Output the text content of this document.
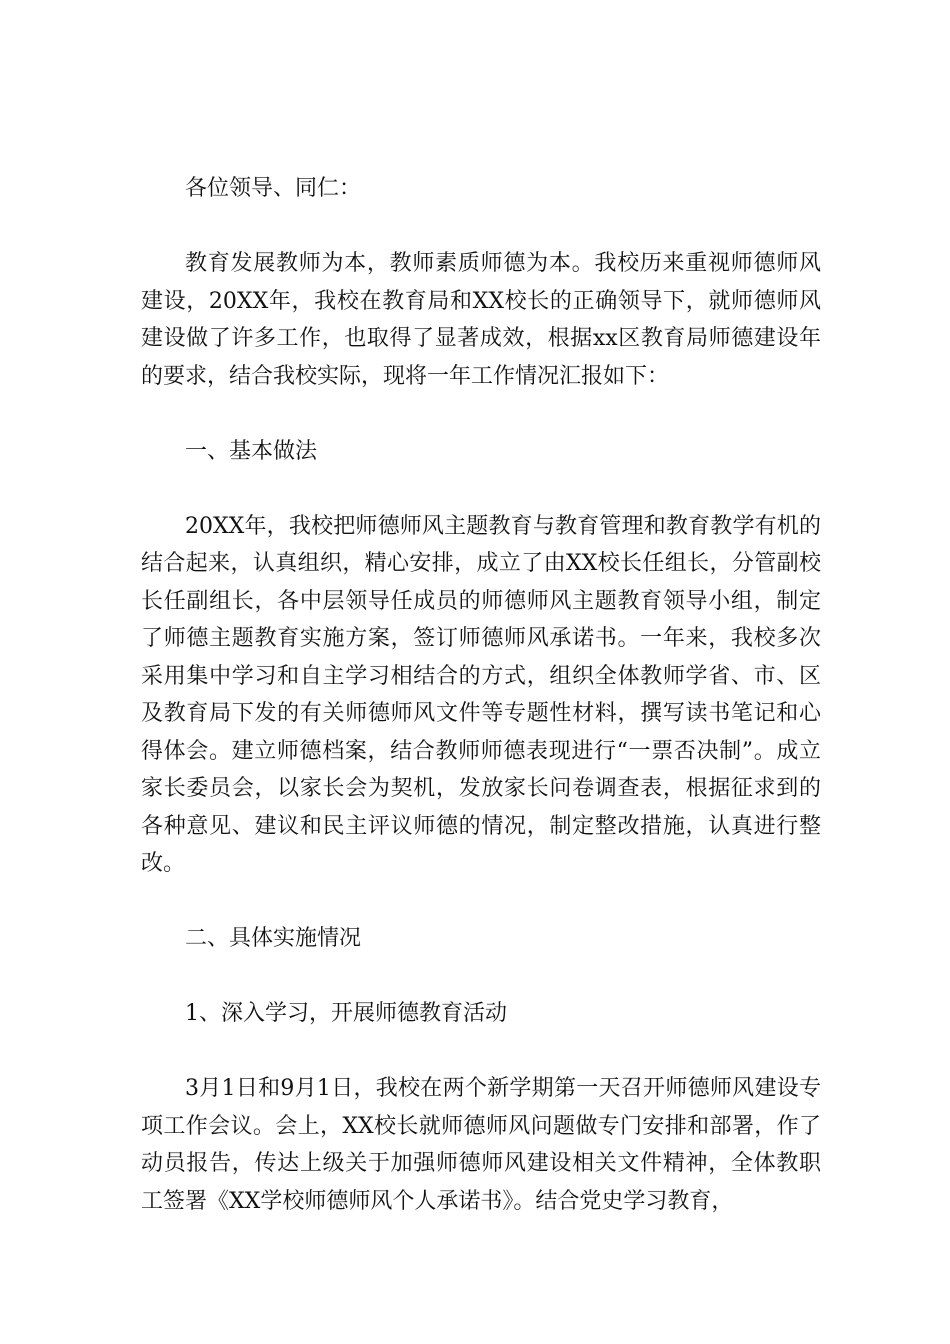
各位领导、同仁：

教育发展教师为本，教师素质师德为本。我校历来重视师德师风建设，20XX年，我校在教育局和XX校长的正确领导下，就师德师风建设做了许多工作，也取得了显著成效，根据xx区教育局师德建设年的要求，结合我校实际，现将一年工作情况汇报如下：

一、基本做法

20XX年，我校把师德师风主题教育与教育管理和教育教学有机的结合起来，认真组织，精心安排，成立了由XX校长任组长，分管副校长任副组长，各中层领导任成员的师德师风主题教育领导小组，制定了师德主题教育实施方案，签订师德师风承诺书。一年来，我校多次采用集中学习和自主学习相结合的方式，组织全体教师学省、市、区及教育局下发的有关师德师风文件等专题性材料，撰写读书笔记和心得体会。建立师德档案，结合教师师德表现进行“一票否决制”。成立家长委员会，以家长会为契机，发放家长问卷调查表，根据征求到的各种意见、建议和民主评议师德的情况，制定整改措施，认真进行整改。

二、具体实施情况

1、深入学习，开展师德教育活动

3月1日和9月1日，我校在两个新学期第一天召开师德师风建设专项工作会议。会上，XX校长就师德师风问题做专门安排和部署，作了动员报告，传达上级关于加强师德师风建设相关文件精神，全体教职工签署《XX学校师德师风个人承诺书》。结合党史学习教育，
